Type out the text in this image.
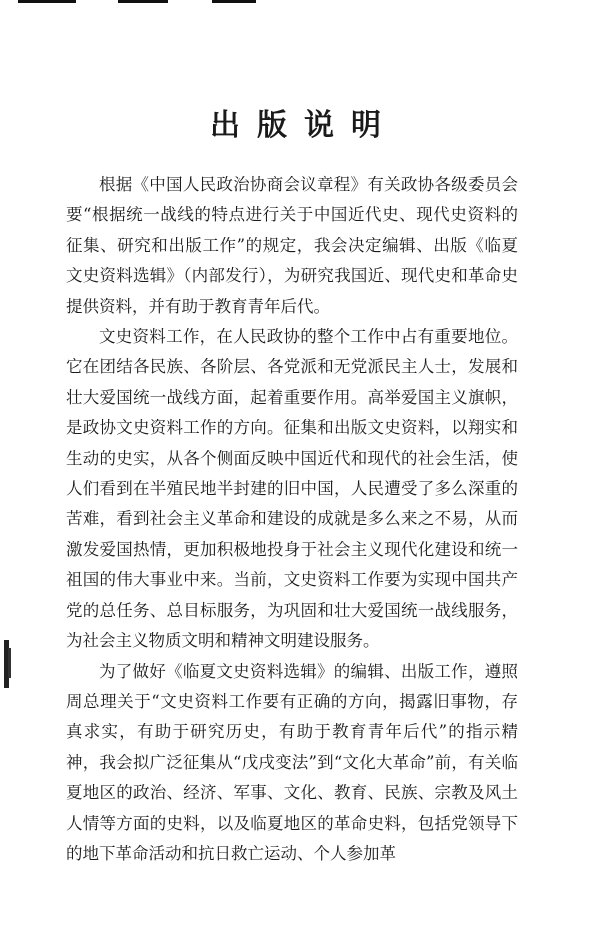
出版说明

根据《中国人民政治协商会议章程》有关政协各级委员会要“根据统一战线的特点进行关于中国近代史、现代史资料的征集、研究和出版工作”的规定，我会决定编辑、出版《临夏文史资料选辑》（内部发行），为研究我国近、现代史和革命史提供资料，并有助于教育青年后代。

文史资料工作，在人民政协的整个工作中占有重要地位。它在团结各民族、各阶层、各党派和无党派民主人士，发展和壮大爱国统一战线方面，起着重要作用。高举爱国主义旗帜，是政协文史资料工作的方向。征集和出版文史资料，以翔实和生动的史实，从各个侧面反映中国近代和现代的社会生活，使人们看到在半殖民地半封建的旧中国，人民遭受了多么深重的苦难，看到社会主义革命和建设的成就是多么来之不易，从而激发爱国热情，更加积极地投身于社会主义现代化建设和统一祖国的伟大事业中来。当前，文史资料工作要为实现中国共产党的总任务、总目标服务，为巩固和壮大爱国统一战线服务，为社会主义物质文明和精神文明建设服务。

为了做好《临夏文史资料选辑》的编辑、出版工作，遵照周总理关于“文史资料工作要有正确的方向，揭露旧事物，存真求实，有助于研究历史，有助于教育青年后代”的指示精神，我会拟广泛征集从“戊戌变法”到“文化大革命”前，有关临夏地区的政治、经济、军事、文化、教育、民族、宗教及风土人情等方面的史料，以及临夏地区的革命史料，包括党领导下的地下革命活动和抗日救亡运动、个人参加革
